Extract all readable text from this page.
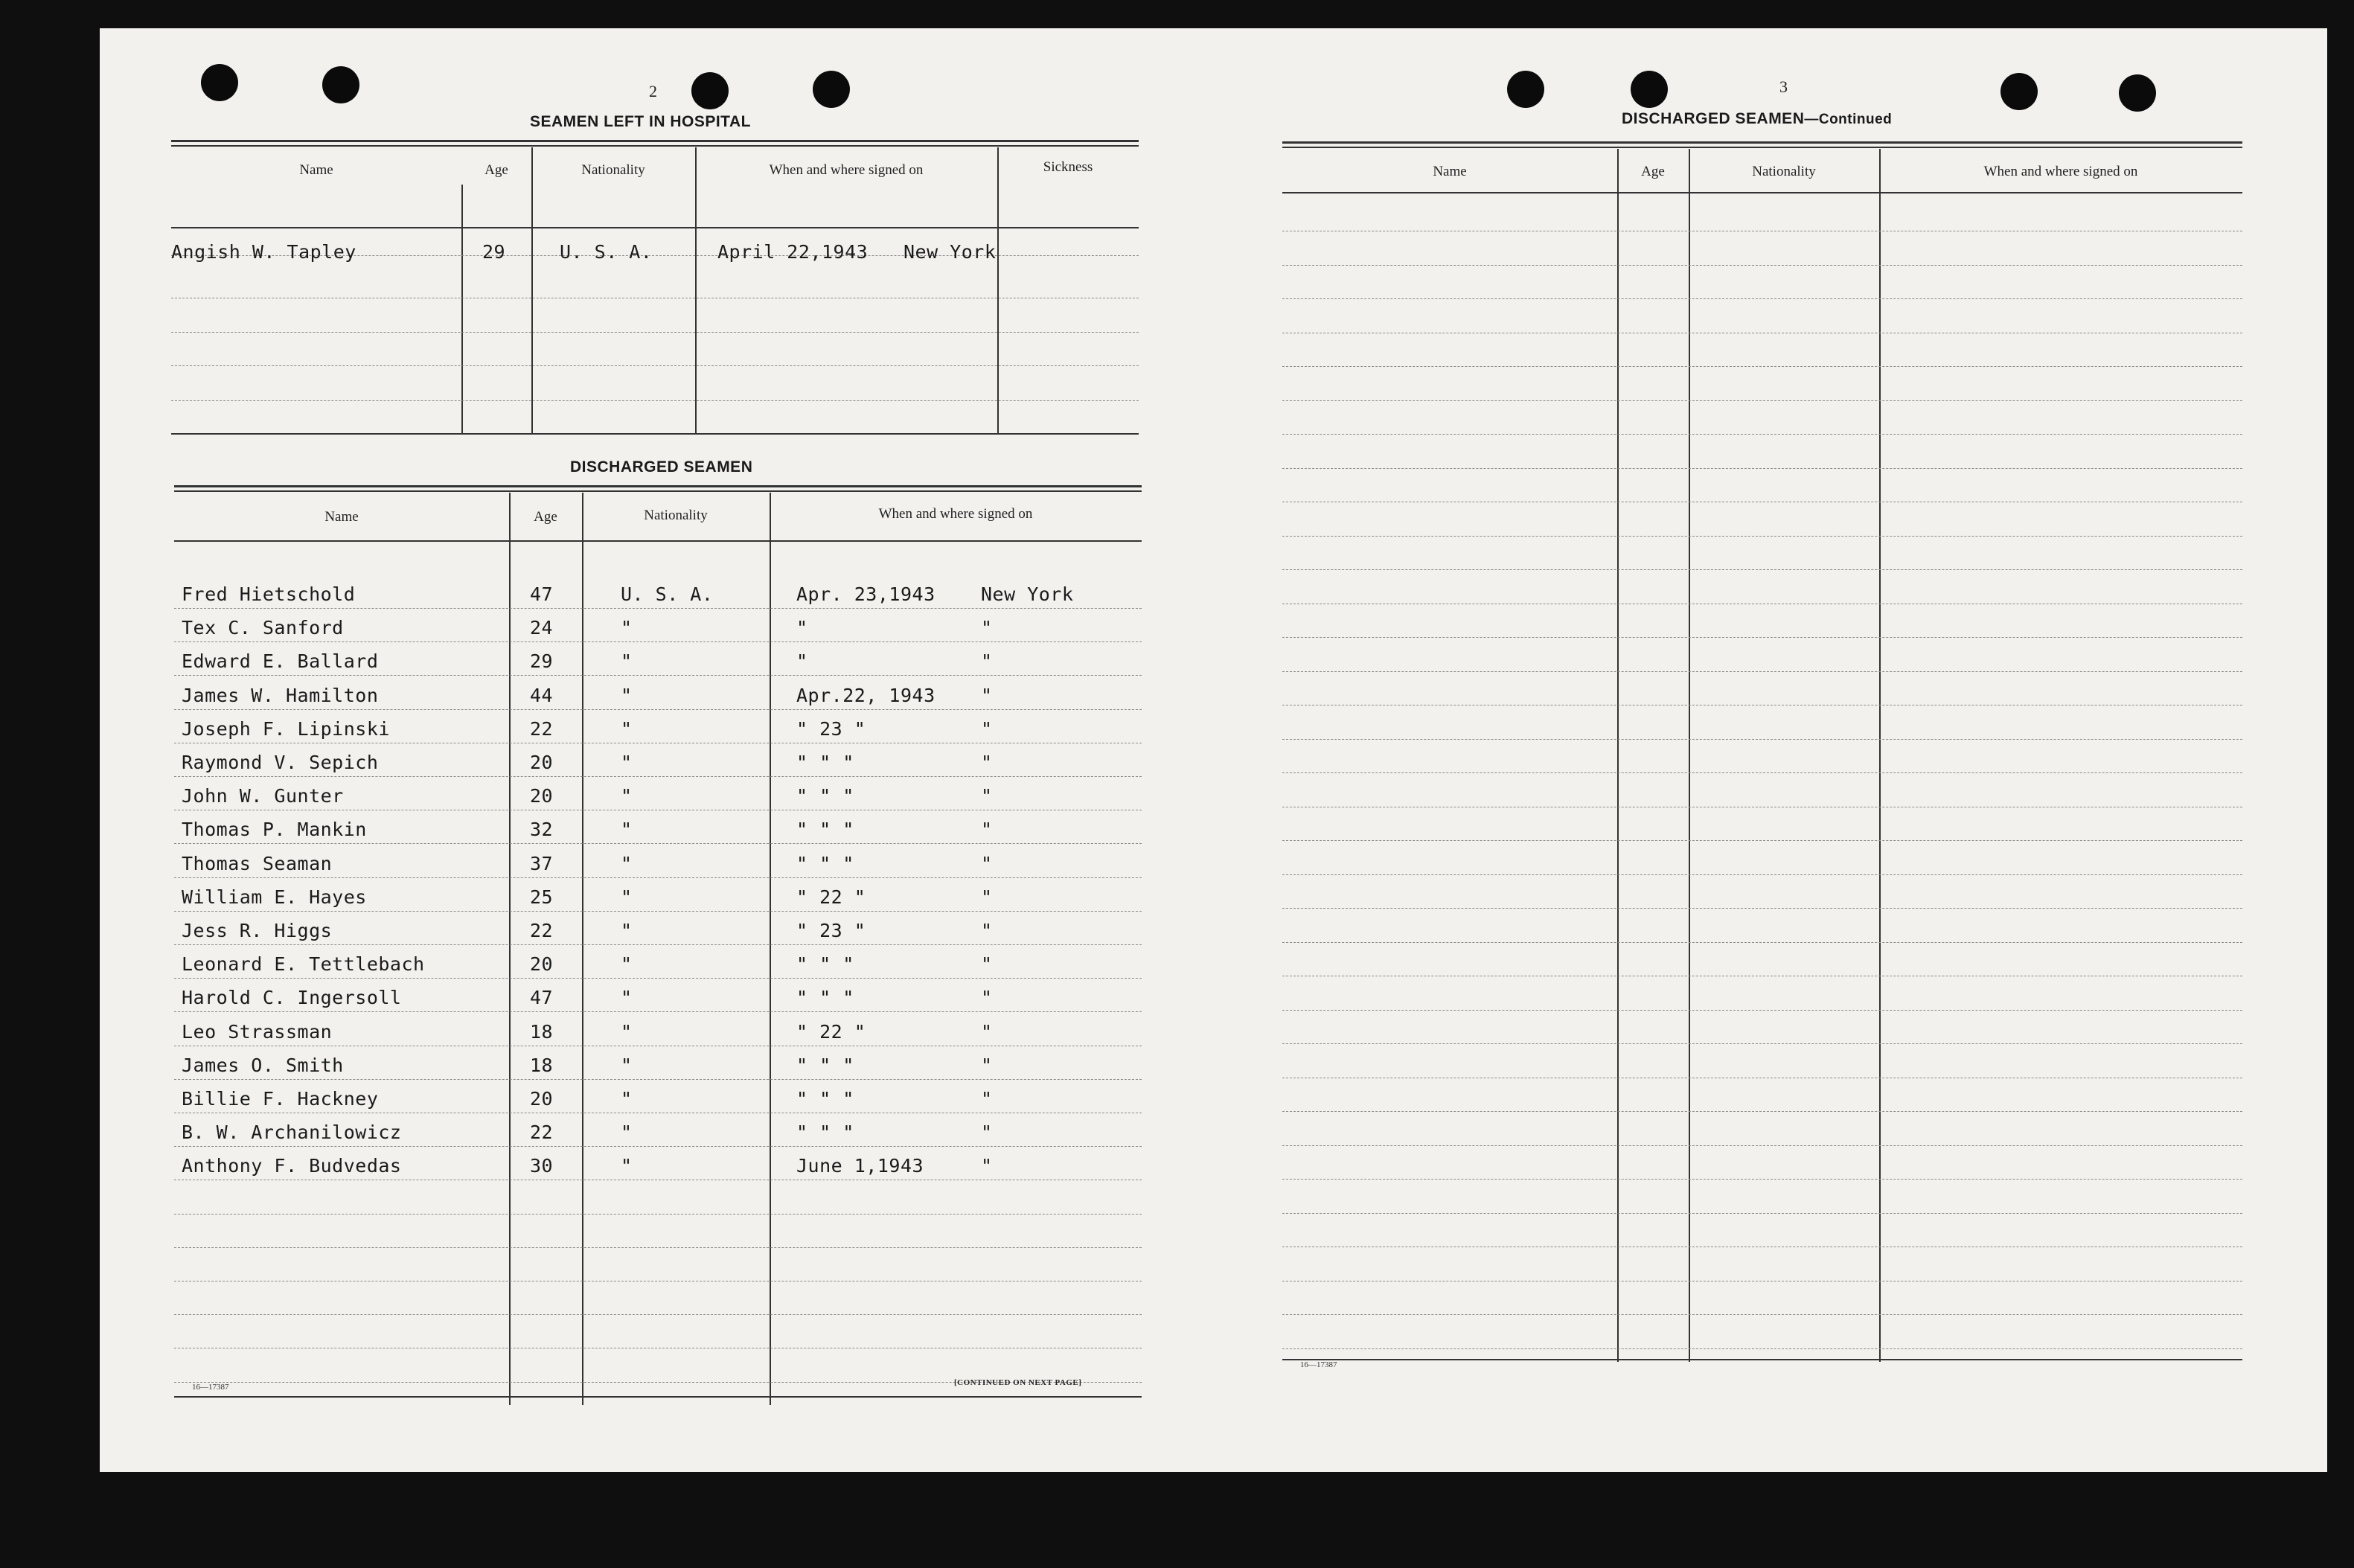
2
SEAMEN LEFT IN HOSPITAL
Name	Age	Nationality	When and where signed on	Sickness
Angish W. Tapley	29	U. S. A.	April 22,1943 New York
DISCHARGED SEAMEN
Name	Age	Nationality	When and where signed on
Fred Hietschold	47	U. S. A.	Apr. 23,1943 New York
Tex C. Sanford	24	"	"	"
Edward E. Ballard	29	"	"	"
James W. Hamilton	44	"	Apr.22, 1943 "
Joseph F. Lipinski	22	"	" 23 "	"
Raymond V. Sepich	20	"	" " "	"
John W. Gunter	20	"	" " "	"
Thomas P. Mankin	32	"	" " "	"
Thomas Seaman	37	"	" " "	"
William E. Hayes	25	"	" 22 "	"
Jess R. Higgs	22	"	" 23 "	"
Leonard E. Tettlebach	20	"	" " "	"
Harold C. Ingersoll	47	"	" " "	"
Leo Strassman	18	"	" 22 "	"
James O. Smith	18	"	" " "	"
Billie F. Hackney	20	"	" " "	"
B. W. Archanilowicz	22	"	" " "	"
Anthony F. Budvedas	30	"	June 1,1943	"
16—17387	[CONTINUED ON NEXT PAGE]
3
DISCHARGED SEAMEN—Continued
Name	Age	Nationality	When and where signed on
16—17387
